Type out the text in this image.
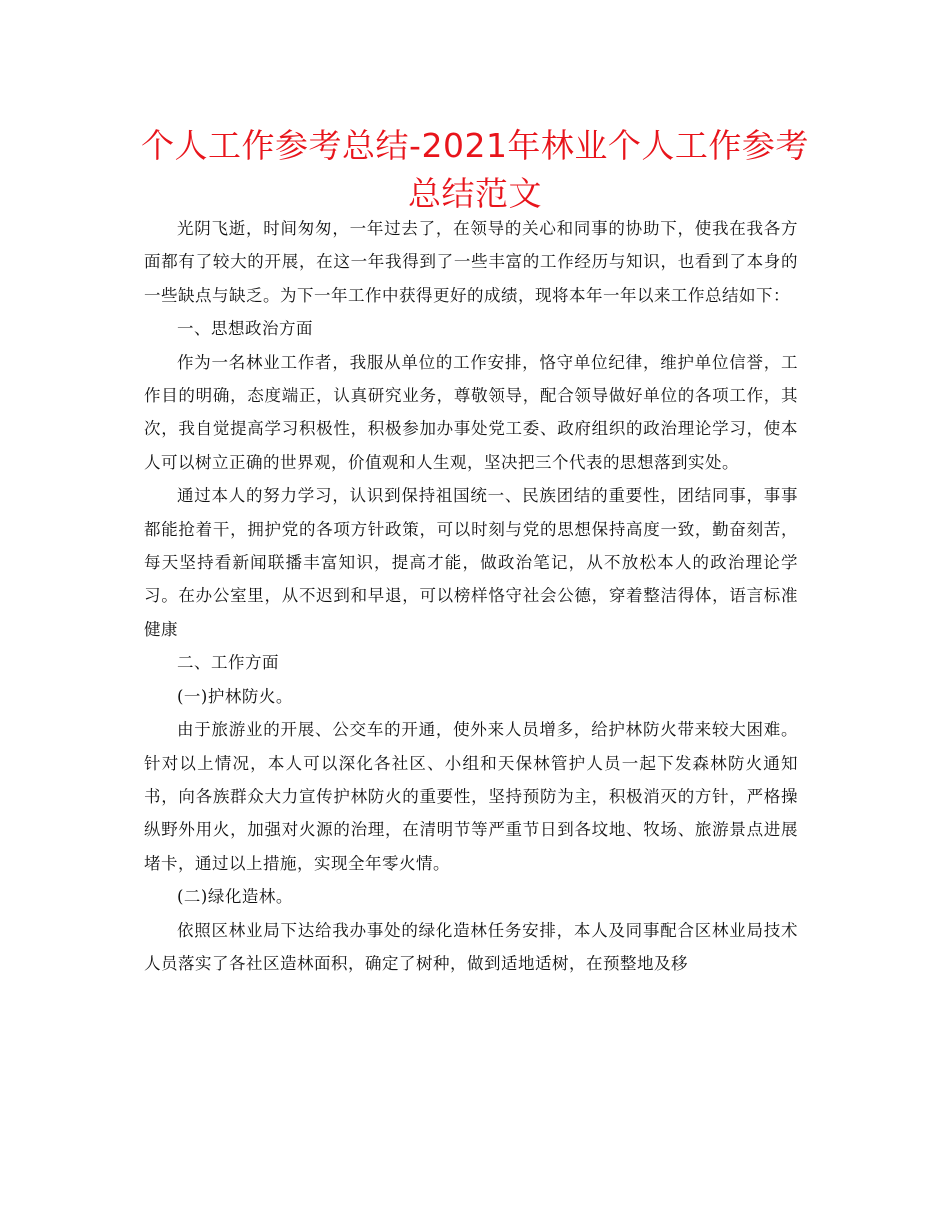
个人工作参考总结-2021年林业个人工作参考总结范文

光阴飞逝，时间匆匆，一年过去了，在领导的关心和同事的协助下，使我在我各方面都有了较大的开展，在这一年我得到了一些丰富的工作经历与知识，也看到了本身的一些缺点与缺乏。为下一年工作中获得更好的成绩，现将本年一年以来工作总结如下：

一、思想政治方面

作为一名林业工作者，我服从单位的工作安排，恪守单位纪律，维护单位信誉，工作目的明确，态度端正，认真研究业务，尊敬领导，配合领导做好单位的各项工作，其次，我自觉提高学习积极性，积极参加办事处党工委、政府组织的政治理论学习，使本人可以树立正确的世界观，价值观和人生观，坚决把三个代表的思想落到实处。

通过本人的努力学习，认识到保持祖国统一、民族团结的重要性，团结同事，事事都能抢着干，拥护党的各项方针政策，可以时刻与党的思想保持高度一致，勤奋刻苦，每天坚持看新闻联播丰富知识，提高才能，做政治笔记，从不放松本人的政治理论学习。在办公室里，从不迟到和早退，可以榜样恪守社会公德，穿着整洁得体，语言标准健康

二、工作方面

(一)护林防火。

由于旅游业的开展、公交车的开通，使外来人员增多，给护林防火带来较大困难。针对以上情况，本人可以深化各社区、小组和天保林管护人员一起下发森林防火通知书，向各族群众大力宣传护林防火的重要性，坚持预防为主，积极消灭的方针，严格操纵野外用火，加强对火源的治理，在清明节等严重节日到各坟地、牧场、旅游景点进展堵卡，通过以上措施，实现全年零火情。

(二)绿化造林。

依照区林业局下达给我办事处的绿化造林任务安排，本人及同事配合区林业局技术人员落实了各社区造林面积，确定了树种，做到适地适树，在预整地及移
